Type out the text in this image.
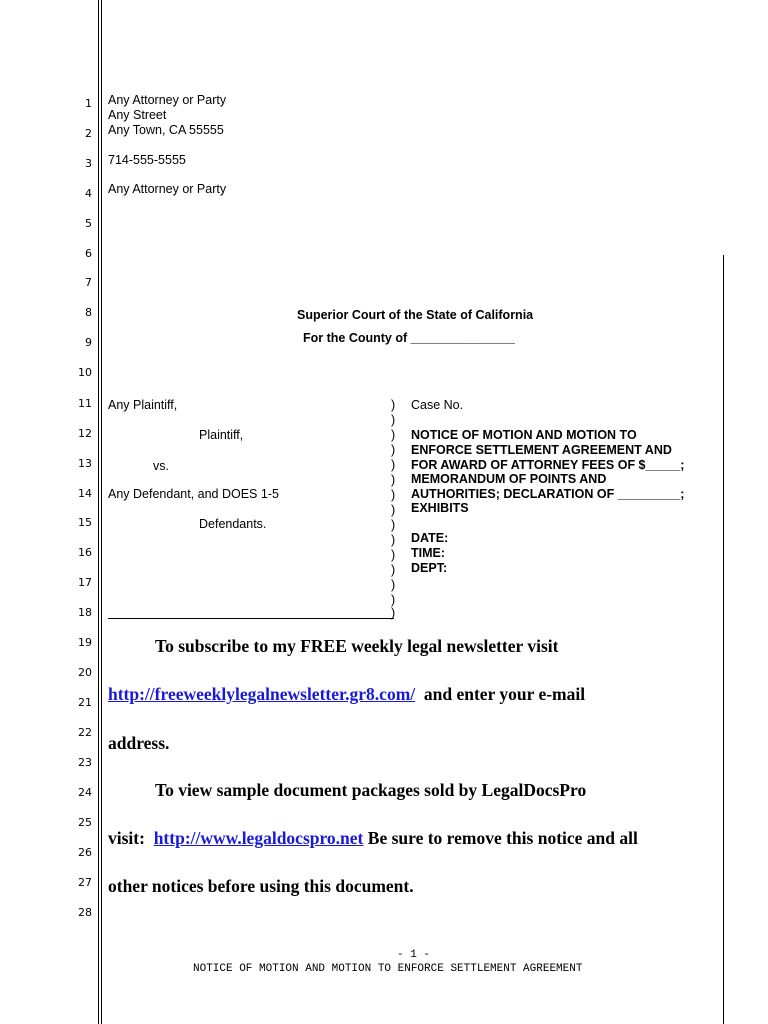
1
2
3
4
5
6
7
8
9
10
11
12
13
14
15
16
17
18
19
20
21
22
23
24
25
26
27
28
Any Attorney or Party
Any Street
Any Town, CA 55555
714-555-5555
Any Attorney or Party
Superior Court of the State of California
For the County of _______________
Any Plaintiff,
Plaintiff,
vs.
Any Defendant, and DOES 1-5
Defendants.
)
)
)
)
)
)
)
)
)
)
)
)
)
)
)
Case No.
NOTICE OF MOTION AND MOTION TO
ENFORCE SETTLEMENT AGREEMENT AND
FOR AWARD OF ATTORNEY FEES OF $_____;
MEMORANDUM OF POINTS AND
AUTHORITIES; DECLARATION OF _________;
EXHIBITS
DATE:
TIME:
DEPT:
To subscribe to my FREE weekly legal newsletter visit
http://freeweeklylegalnewsletter.gr8.com/ and enter your e-mail
address.
To view sample document packages sold by LegalDocsPro
visit: http://www.legaldocspro.net Be sure to remove this notice and all
other notices before using this document.
- 1 -
NOTICE OF MOTION AND MOTION TO ENFORCE SETTLEMENT AGREEMENT
